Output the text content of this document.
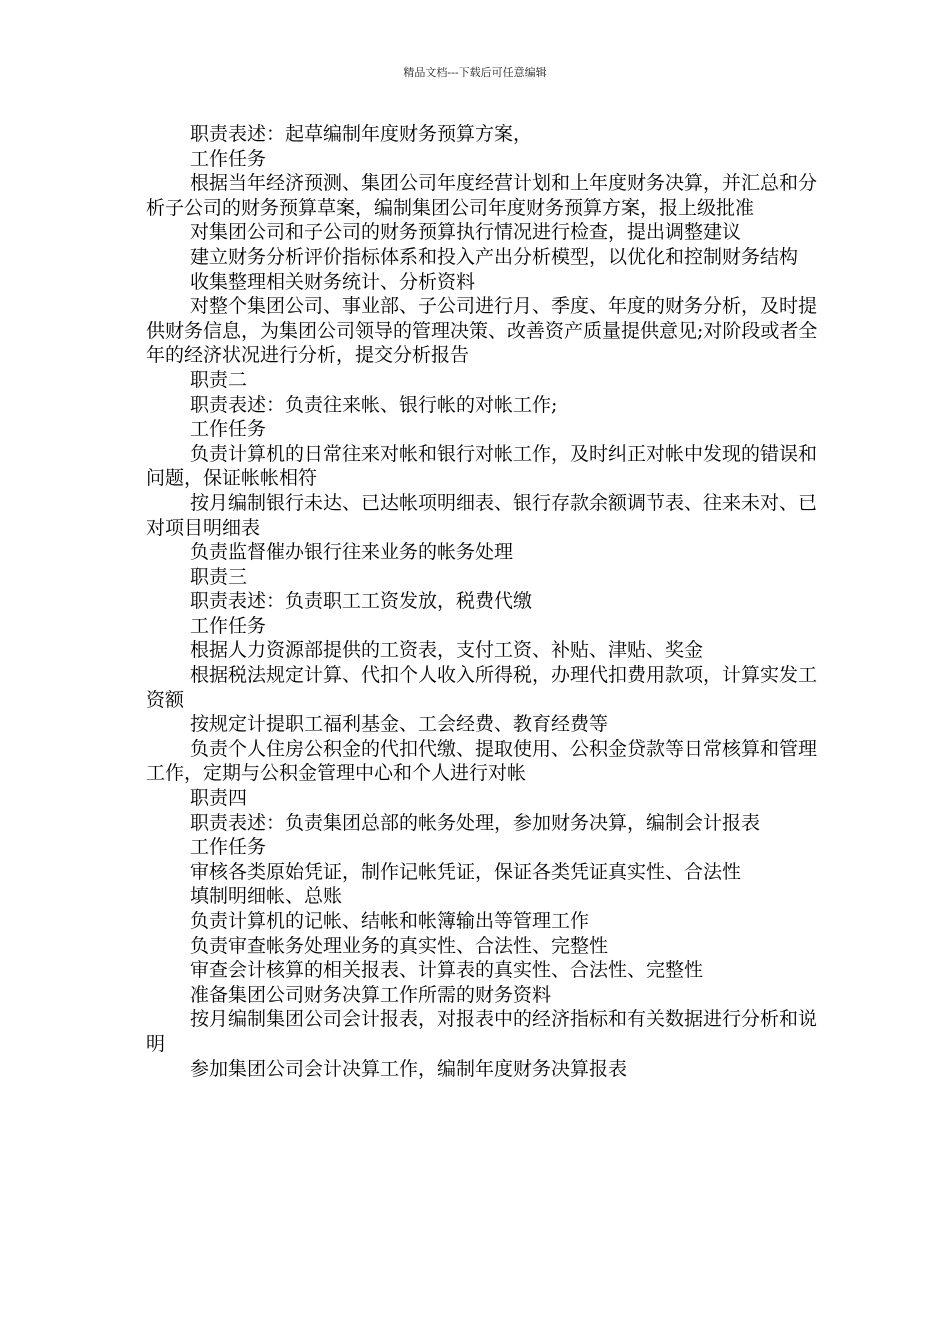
精品文档---下载后可任意编辑

职责表述：起草编制年度财务预算方案，

工作任务

根据当年经济预测、集团公司年度经营计划和上年度财务决算，并汇总和分析子公司的财务预算草案，编制集团公司年度财务预算方案，报上级批准

对集团公司和子公司的财务预算执行情况进行检查，提出调整建议

建立财务分析评价指标体系和投入产出分析模型，以优化和控制财务结构

收集整理相关财务统计、分析资料

对整个集团公司、事业部、子公司进行月、季度、年度的财务分析，及时提供财务信息，为集团公司领导的管理决策、改善资产质量提供意见;对阶段或者全年的经济状况进行分析，提交分析报告

职责二

职责表述：负责往来帐、银行帐的对帐工作;

工作任务

负责计算机的日常往来对帐和银行对帐工作，及时纠正对帐中发现的错误和问题，保证帐帐相符

按月编制银行未达、已达帐项明细表、银行存款余额调节表、往来未对、已对项目明细表

负责监督催办银行往来业务的帐务处理

职责三

职责表述：负责职工工资发放，税费代缴

工作任务

根据人力资源部提供的工资表，支付工资、补贴、津贴、奖金

根据税法规定计算、代扣个人收入所得税，办理代扣费用款项，计算实发工资额

按规定计提职工福利基金、工会经费、教育经费等

负责个人住房公积金的代扣代缴、提取使用、公积金贷款等日常核算和管理工作，定期与公积金管理中心和个人进行对帐

职责四

职责表述：负责集团总部的帐务处理，参加财务决算，编制会计报表

工作任务

审核各类原始凭证，制作记帐凭证，保证各类凭证真实性、合法性

填制明细帐、总账

负责计算机的记帐、结帐和帐簿输出等管理工作

负责审查帐务处理业务的真实性、合法性、完整性

审查会计核算的相关报表、计算表的真实性、合法性、完整性

准备集团公司财务决算工作所需的财务资料

按月编制集团公司会计报表，对报表中的经济指标和有关数据进行分析和说明

参加集团公司会计决算工作，编制年度财务决算报表
